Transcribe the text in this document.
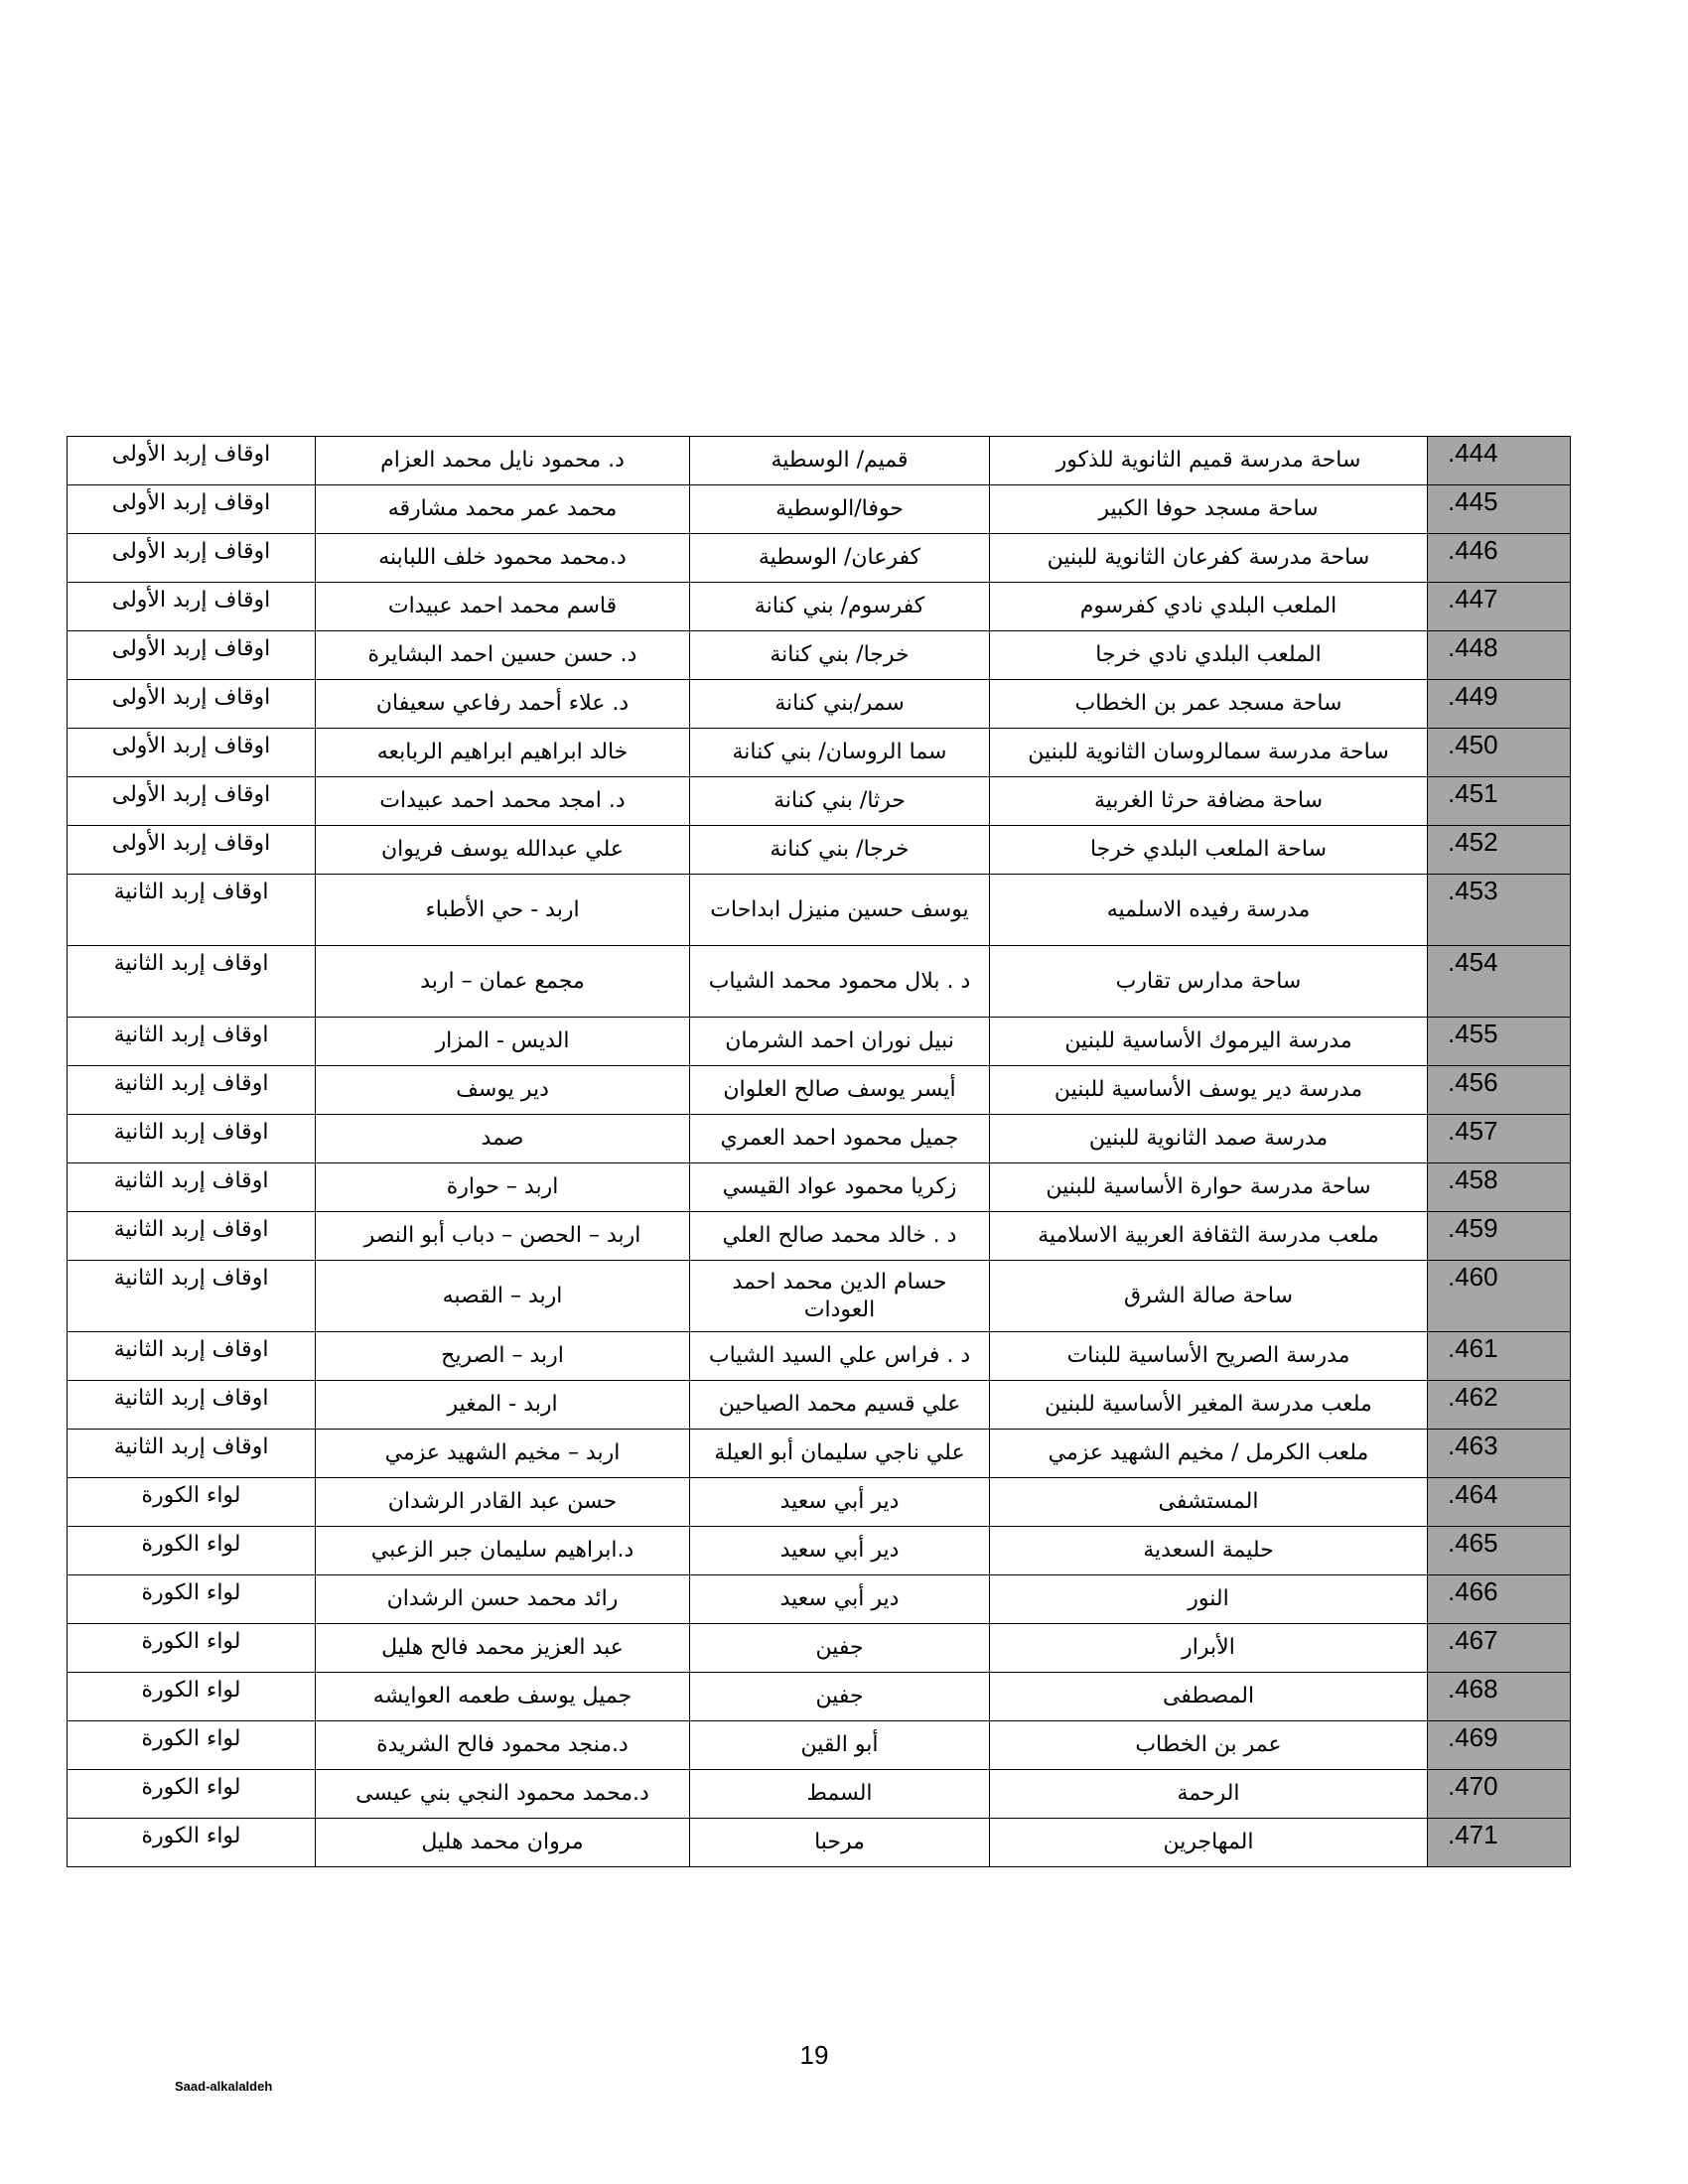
اوقاف إربد الأولى	د. محمود نايل محمد العزام	قميم/ الوسطية	ساحة مدرسة قميم الثانوية للذكور	.444
اوقاف إربد الأولى	محمد عمر محمد مشارقه	حوفا/الوسطية	ساحة مسجد حوفا الكبير	.445
اوقاف إربد الأولى	د.محمد محمود خلف اللبابنه	كفرعان/ الوسطية	ساحة مدرسة كفرعان الثانوية للبنين	.446
اوقاف إربد الأولى	قاسم محمد احمد عبيدات	كفرسوم/ بني كنانة	الملعب البلدي نادي كفرسوم	.447
اوقاف إربد الأولى	د. حسن حسين احمد البشايرة	خرجا/ بني كنانة	الملعب البلدي نادي خرجا	.448
اوقاف إربد الأولى	د. علاء أحمد رفاعي سعيفان	سمر/بني كنانة	ساحة مسجد عمر بن الخطاب	.449
اوقاف إربد الأولى	خالد ابراهيم ابراهيم الربابعه	سما الروسان/ بني كنانة	ساحة مدرسة سمالروسان الثانوية للبنين	.450
اوقاف إربد الأولى	د. امجد محمد احمد عبيدات	حرثا/ بني كنانة	ساحة مضافة حرثا الغربية	.451
اوقاف إربد الأولى	علي عبدالله يوسف فريوان	خرجا/ بني كنانة	ساحة الملعب البلدي خرجا	.452
اوقاف إربد الثانية	اربد - حي الأطباء	يوسف حسين منيزل ابداحات	مدرسة رفيده الاسلميه	.453
اوقاف إربد الثانية	مجمع عمان – اربد	د . بلال محمود محمد الشياب	ساحة مدارس تقارب	.454
اوقاف إربد الثانية	الديس - المزار	نبيل نوران احمد الشرمان	مدرسة اليرموك الأساسية للبنين	.455
اوقاف إربد الثانية	دير يوسف	أيسر يوسف صالح العلوان	مدرسة دير يوسف الأساسية للبنين	.456
اوقاف إربد الثانية	صمد	جميل محمود احمد العمري	مدرسة صمد الثانوية للبنين	.457
اوقاف إربد الثانية	اربد – حوارة	زكريا محمود عواد القيسي	ساحة مدرسة حوارة الأساسية للبنين	.458
اوقاف إربد الثانية	اربد – الحصن – دباب أبو النصر	د . خالد محمد صالح العلي	ملعب مدرسة الثقافة العربية الاسلامية	.459
اوقاف إربد الثانية	اربد – القصبه	حسام الدين محمد احمد العودات	ساحة صالة الشرق	.460
اوقاف إربد الثانية	اربد – الصريح	د . فراس علي السيد الشياب	مدرسة الصريح الأساسية للبنات	.461
اوقاف إربد الثانية	اربد - المغير	علي قسيم محمد الصياحين	ملعب مدرسة المغير الأساسية للبنين	.462
اوقاف إربد الثانية	اربد – مخيم الشهيد عزمي	علي ناجي سليمان أبو العيلة	ملعب الكرمل / مخيم الشهيد عزمي	.463
لواء الكورة	حسن عبد القادر الرشدان	دير أبي سعيد	المستشفى	.464
لواء الكورة	د.ابراهيم سليمان جبر الزعبي	دير أبي سعيد	حليمة السعدية	.465
لواء الكورة	رائد محمد حسن الرشدان	دير أبي سعيد	النور	.466
لواء الكورة	عبد العزيز محمد فالح هليل	جفين	الأبرار	.467
لواء الكورة	جميل يوسف طعمه العوايشه	جفين	المصطفى	.468
لواء الكورة	د.منجد محمود فالح الشريدة	أبو القين	عمر بن الخطاب	.469
لواء الكورة	د.محمد محمود النجي بني عيسى	السمط	الرحمة	.470
لواء الكورة	مروان محمد هليل	مرحبا	المهاجرين	.471
19
Saad-alkalaldeh
